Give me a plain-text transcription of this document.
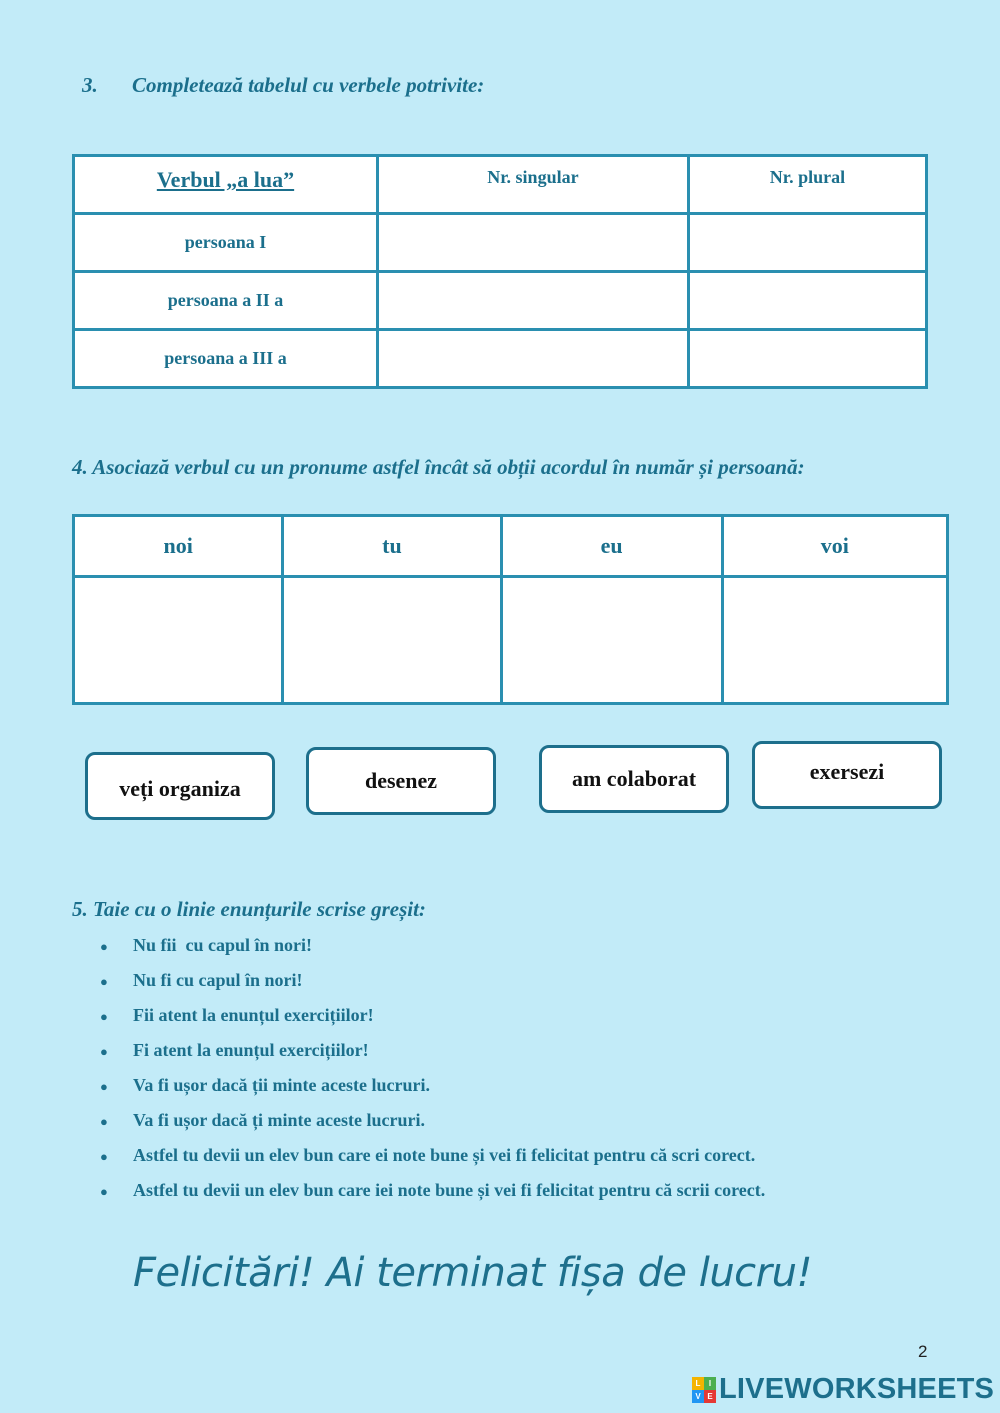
3. Completează tabelul cu verbele potrivite:

Verbul „a lua”	Nr. singular	Nr. plural
persoana I		
persoana a II a		
persoana a III a		

4. Asociază verbul cu un pronume astfel încât să obții acordul în număr și persoană:

noi	tu	eu	voi

veți organiza	desenez	am colaborat	exersezi

5. Taie cu o linie enunțurile scrise greșit:

● Nu fii  cu capul în nori!
● Nu fi cu capul în nori!
● Fii atent la enunțul exercițiilor!
● Fi atent la enunțul exercițiilor!
● Va fi ușor dacă ții minte aceste lucruri.
● Va fi ușor dacă ți minte aceste lucruri.
● Astfel tu devii un elev bun care ei note bune și vei fi felicitat pentru că scri corect.
● Astfel tu devii un elev bun care iei note bune și vei fi felicitat pentru că scrii corect.

Felicitări! Ai terminat fișa de lucru!

2
L	I
V E LIVEWORKSHEETS
